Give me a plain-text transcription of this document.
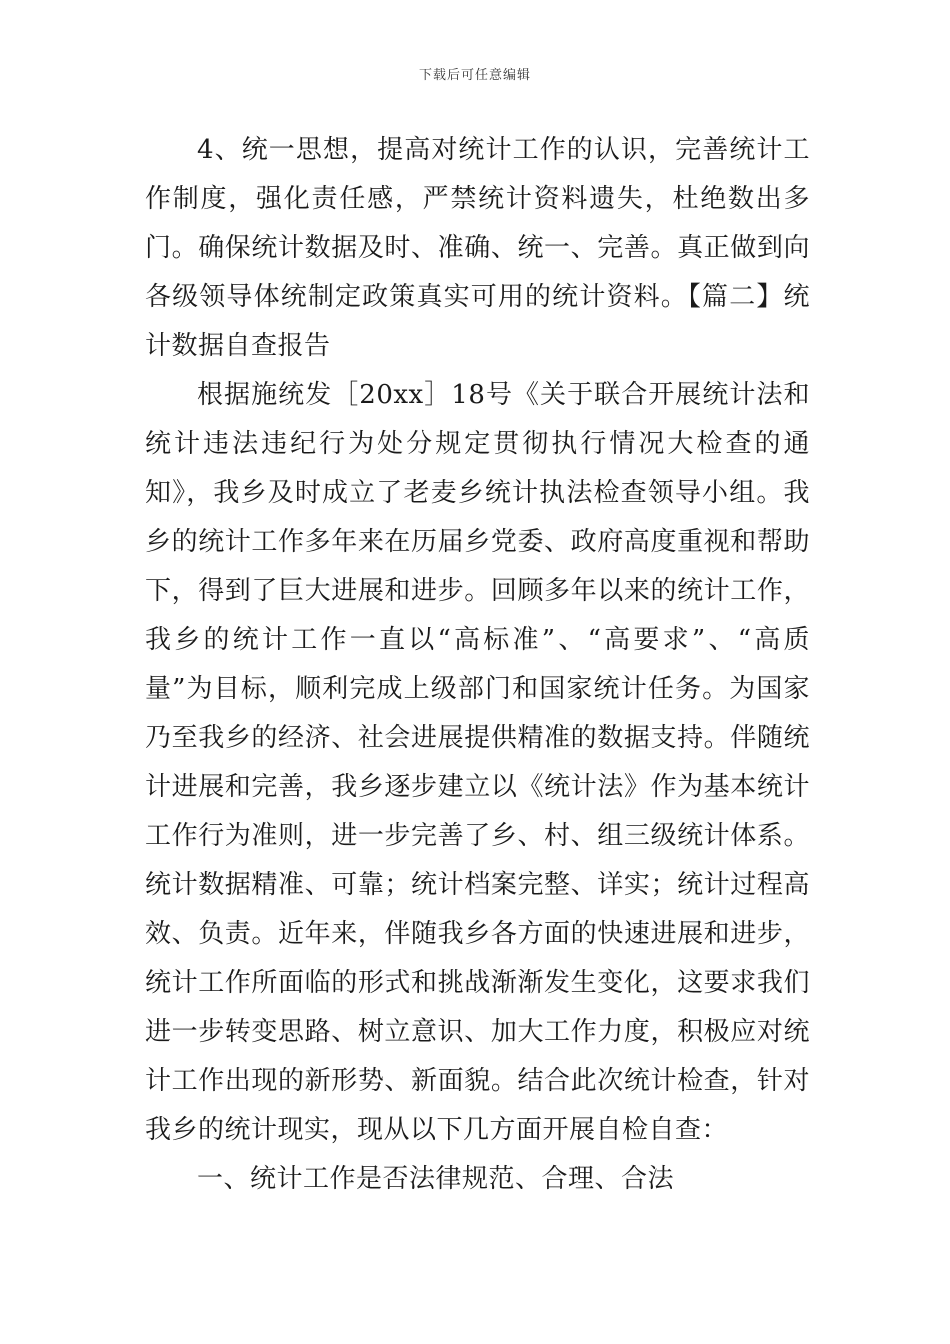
下载后可任意编辑

4、统一思想，提高对统计工作的认识，完善统计工作制度，强化责任感，严禁统计资料遗失，杜绝数出多门。确保统计数据及时、准确、统一、完善。真正做到向各级领导体统制定政策真实可用的统计资料。【篇二】统计数据自查报告

根据施统发［20xx］18号《关于联合开展统计法和统计违法违纪行为处分规定贯彻执行情况大检查的通知》，我乡及时成立了老麦乡统计执法检查领导小组。我乡的统计工作多年来在历届乡党委、政府高度重视和帮助下，得到了巨大进展和进步。回顾多年以来的统计工作，我乡的统计工作一直以“高标准”、“高要求”、“高质量”为目标，顺利完成上级部门和国家统计任务。为国家乃至我乡的经济、社会进展提供精准的数据支持。伴随统计进展和完善，我乡逐步建立以《统计法》作为基本统计工作行为准则，进一步完善了乡、村、组三级统计体系。统计数据精准、可靠；统计档案完整、详实；统计过程高效、负责。近年来，伴随我乡各方面的快速进展和进步，统计工作所面临的形式和挑战渐渐发生变化，这要求我们进一步转变思路、树立意识、加大工作力度，积极应对统计工作出现的新形势、新面貌。结合此次统计检查，针对我乡的统计现实，现从以下几方面开展自检自查：

一、统计工作是否法律规范、合理、合法
